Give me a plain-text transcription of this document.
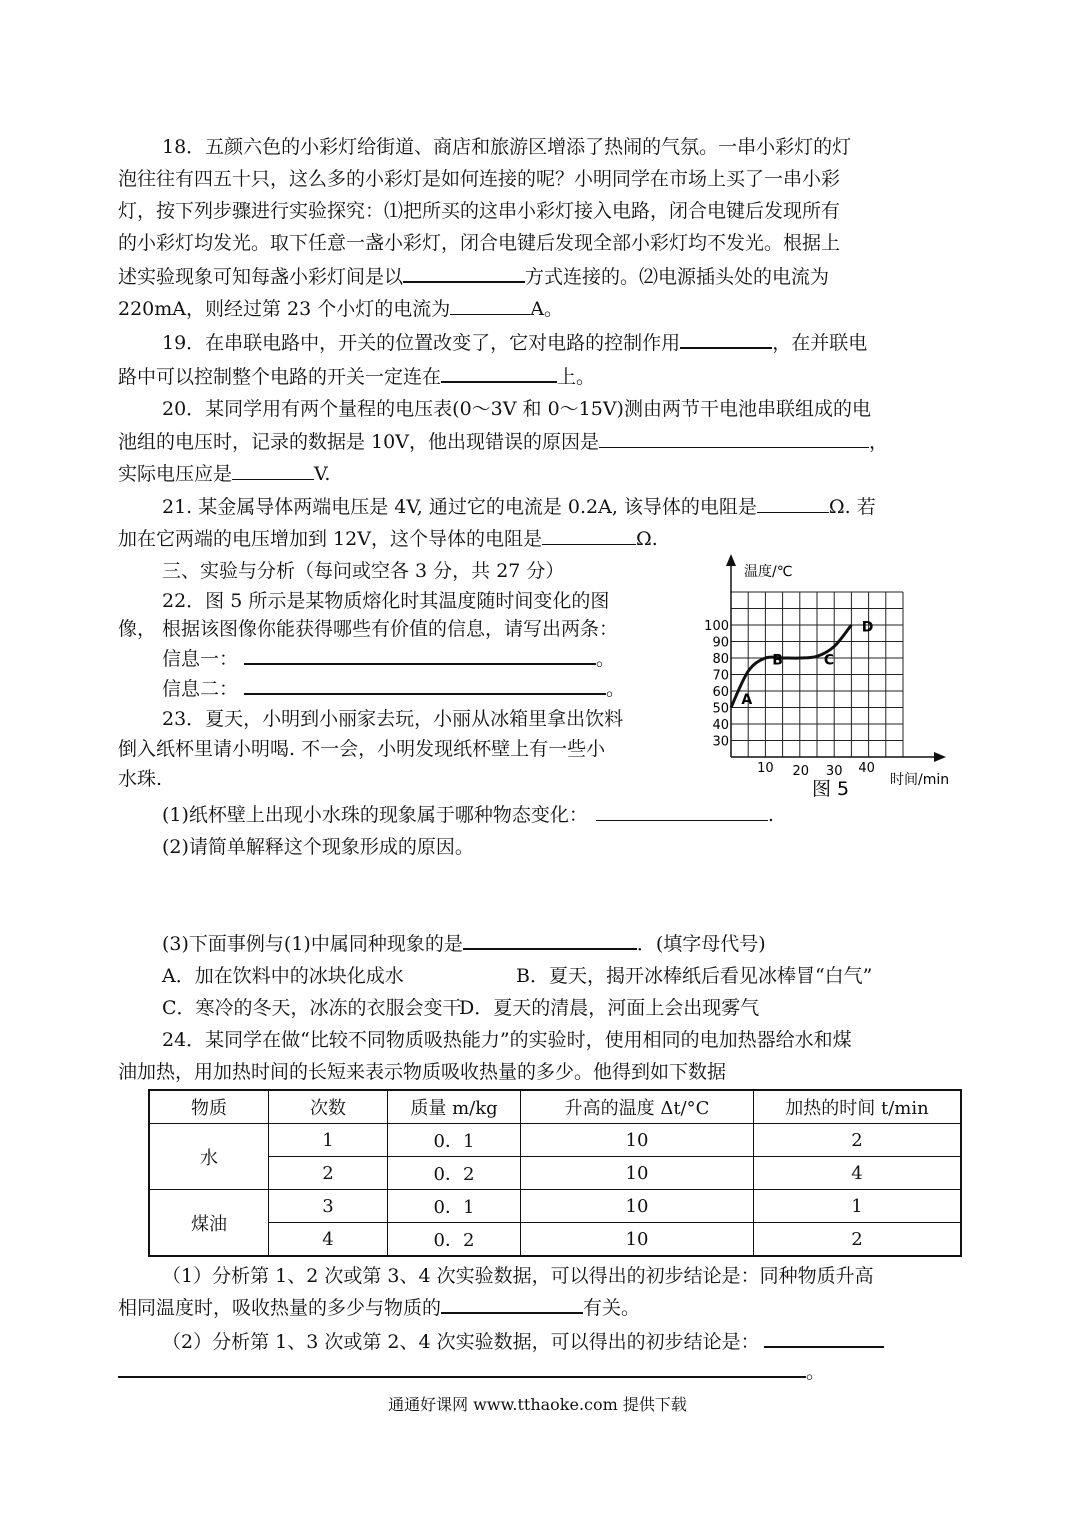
18．五颜六色的小彩灯给街道、商店和旅游区增添了热闹的气氛。一串小彩灯的灯
泡往往有四五十只，这么多的小彩灯是如何连接的呢？小明同学在市场上买了一串小彩
灯，按下列步骤进行实验探究：⑴把所买的这串小彩灯接入电路，闭合电键后发现所有
的小彩灯均发光。取下任意一盏小彩灯，闭合电键后发现全部小彩灯均不发光。根据上
述实验现象可知每盏小彩灯间是以	方式连接的。⑵电源插头处的电流为
220mA，则经过第 23 个小灯的电流为	A。
19．在串联电路中，开关的位置改变了，它对电路的控制作用	，在并联电
路中可以控制整个电路的开关一定连在	上。
20．某同学用有两个量程的电压表(0～3V 和 0～15V)测由两节干电池串联组成的电
池组的电压时，记录的数据是 10V，他出现错误的原因是	，
实际电压应是	V.
21. 某金属导体两端电压是 4V, 通过它的电流是 0.2A, 该导体的电阻是	Ω. 若
加在它两端的电压增加到 12V，这个导体的电阻是	Ω.
三、实验与分析（每问或空各 3 分，共 27 分）
22．图 5 所示是某物质熔化时其温度随时间变化的图
像， 根据该图像你能获得哪些有价值的信息，请写出两条：
信息一：	。
信息二：	。
23．夏天，小明到小丽家去玩，小丽从冰箱里拿出饮料
倒入纸杯里请小明喝. 不一会，小明发现纸杯壁上有一些小
水珠.
(1)纸杯壁上出现小水珠的现象属于哪种物态变化：	.
(2)请简单解释这个现象形成的原因。
(3)下面事例与(1)中属同种现象的是	．(填字母代号)
A．加在饮料中的冰块化成水	B．夏天，揭开冰棒纸后看见冰棒冒“白气”
C．寒冷的冬天，冰冻的衣服会变干
D．夏天的清晨，河面上会出现雾气
24．某同学在做“比较不同物质吸热能力”的实验时，使用相同的电加热器给水和煤
油加热，用加热时间的长短来表示物质吸收热量的多少。他得到如下数据
物质	次数	质量 m/kg	升高的温度 Δt/°C	加热的时间 t/min
水	1	0．1	10	2
	2	0．2	10	4
煤油	3	0．1	10	1
	4	0．2	10	2
（1）分析第 1、2 次或第 3、4 次实验数据，可以得出的初步结论是：同种物质升高
相同温度时，吸收热量的多少与物质的	有关。
（2）分析第 1、3 次或第 2、4 次实验数据，可以得出的初步结论是：
。
通通好课网 www.tthaoke.com 提供下载
温度/℃
时间/min
图 5
100
90
80
70
60
50
40
30
10 20 30 40
A
B	C
D
